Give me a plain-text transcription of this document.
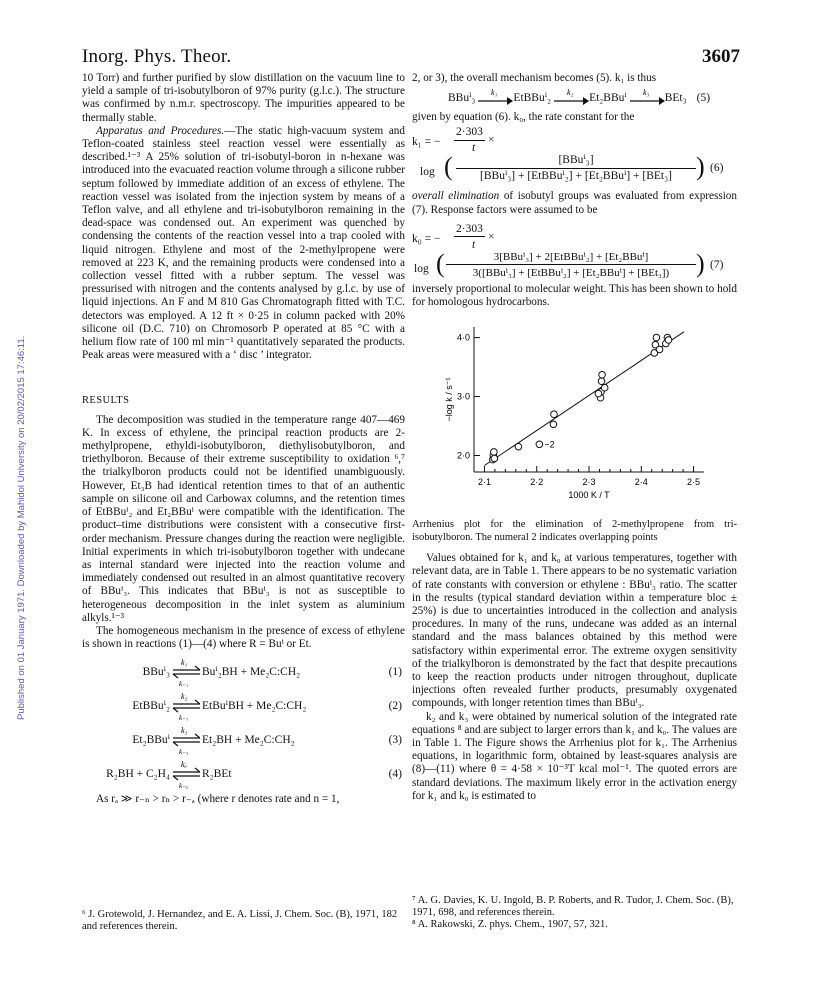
Inorg. Phys. Theor.	3607
Published on 01 January 1971. Downloaded by Mahidol University on 20/02/2015 17:46:11.

10 Torr) and further purified by slow distillation on the vacuum line to yield a sample of tri-isobutylboron of 97% purity (g.l.c.). The structure was confirmed by n.m.r. spectroscopy. The impurities appeared to be thermally stable.

Apparatus and Procedures.—The static high-vacuum system and Teflon-coated stainless steel reaction vessel were essentially as described.¹⁻³ A 25% solution of tri-isobutyl-boron in n-hexane was introduced into the evacuated reaction volume through a silicone rubber septum followed by immediate addition of an excess of ethylene. The reaction vessel was isolated from the injection system by means of a Teflon valve, and all ethylene and tri-isobutylboron remaining in the dead-space was condensed out. An experiment was quenched by condensing the contents of the reaction vessel into a trap cooled with liquid nitrogen. Ethylene and most of the 2-methylpropene were removed at 223 K, and the remaining products were condensed into a collection vessel fitted with a rubber septum. The vessel was pressurised with nitrogen and the contents analysed by g.l.c. by use of liquid injections. An F and M 810 Gas Chromatograph fitted with T.C. detectors was employed. A 12 ft × 0·25 in column packed with 20% silicone oil (D.C. 710) on Chromosorb P operated at 85 °C with a helium flow rate of 100 ml min⁻¹ quantitatively separated the products. Peak areas were measured with a ‘ disc ’ integrator.

RESULTS

The decomposition was studied in the temperature range 407—469 K. In excess of ethylene, the principal reaction products are 2-methylpropene, ethyldi-isobutylboron, diethylisobutylboron, and triethylboron. Because of their extreme susceptibility to oxidation ⁶,⁷ the trialkylboron products could not be identified unambiguously. However, Et₃B had identical retention times to that of an authentic sample on silicone oil and Carbowax columns, and the retention times of EtBBuⁱ₂ and Et₂BBuⁱ were compatible with the identification. The product–time distributions were consistent with a consecutive first-order mechanism. Pressure changes during the reaction were negligible. Initial experiments in which tri-isobutylboron together with undecane as internal standard were injected into the reaction volume and immediately condensed out resulted in an almost quantitative recovery of BBuⁱ₃. This indicates that BBuⁱ₃ is not as susceptible to heterogeneous decomposition in the inlet system as aluminium alkyls.¹⁻³

The homogeneous mechanism in the presence of excess of ethylene is shown in reactions (1)—(4) where R = Buⁱ or Et.

BBuⁱ₃
k₁
k₋₁
Buⁱ₂BH + Me₂C:CH₂	(1)
EtBBuⁱ₂
k₂
k₋₂
EtBuⁱBH + Me₂C:CH₂	(2)
Et₂BBuⁱ
k₃
k₋₃
Et₂BH + Me₂C:CH₂	(3)
R₂BH + C₂H₄
kₐ
k₋ₐ
R₂BEt	(4)

As rₐ ≫ r₋ₙ > rₙ > r₋ₐ (where r denotes rate and n = 1,

⁶ J. Grotewold, J. Hernandez, and E. A. Lissi, J. Chem. Soc. (B), 1971, 182 and references therein.

2, or 3), the overall mechanism becomes (5). k₁ is thus

BBuⁱ₃ k₁ EtBBuⁱ₂ k₂ Et₂BBuⁱ k₃ BEt₃ (5)

given by equation (6). k₀, the rate constant for the

k₁ = −
2·303
t
×
log (	[BBuⁱ₃]
[BBuⁱ₃] + [EtBBuⁱ₂] + [Et₂BBuⁱ] + [BEt₃] ) (6)

overall elimination of isobutyl groups was evaluated from expression (7). Response factors were assumed to be

k₀ = −
2·303
t
×
log (	3[BBuⁱ₃] + 2[EtBBuⁱ₂] + [Et₂BBuⁱ]
3([BBuⁱ₃] + [EtBBuⁱ₂] + [Et₂BBuⁱ] + [BEt₃])	) (7)

inversely proportional to molecular weight. This has been shown to hold for homologous hydrocarbons.

2·1	2·2	2·3	2·4	2·5
2·0
3·0
4·0
1000 K / T
−log k / s⁻¹
−2

Arrhenius plot for the elimination of 2-methylpropene from tri-isobutylboron. The numeral 2 indicates overlapping points

Values obtained for k₁ and k₀ at various temperatures, together with relevant data, are in Table 1. There appears to be no systematic variation of rate constants with conversion or ethylene : BBuⁱ₃ ratio. The scatter in the results (typical standard deviation within a temperature bloc ± 25%) is due to uncertainties introduced in the collection and analysis procedures. In many of the runs, undecane was added as an internal standard and the mass balances obtained by this method were satisfactory within experimental error. The extreme oxygen sensitivity of the trialkylboron is demonstrated by the fact that despite precautions to keep the reaction products under nitrogen throughout, duplicate injections often revealed further products, presumably oxygenated compounds, with longer retention times than BBuⁱ₃.

k₂ and k₃ were obtained by numerical solution of the integrated rate equations ⁸ and are subject to larger errors than k₁ and k₀. The values are in Table 1. The Figure shows the Arrhenius plot for k₁. The Arrhenius equations, in logarithmic form, obtained by least-squares analysis are (8)—(11) where θ = 4·58 × 10⁻³T kcal mol⁻¹. The quoted errors are standard deviations. The maximum likely error in the activation energy for k₁ and k₀ is estimated to

⁷ A. G. Davies, K. U. Ingold, B. P. Roberts, and R. Tudor, J. Chem. Soc. (B), 1971, 698, and references therein.
⁸ A. Rakowski, Z. phys. Chem., 1907, 57, 321.
